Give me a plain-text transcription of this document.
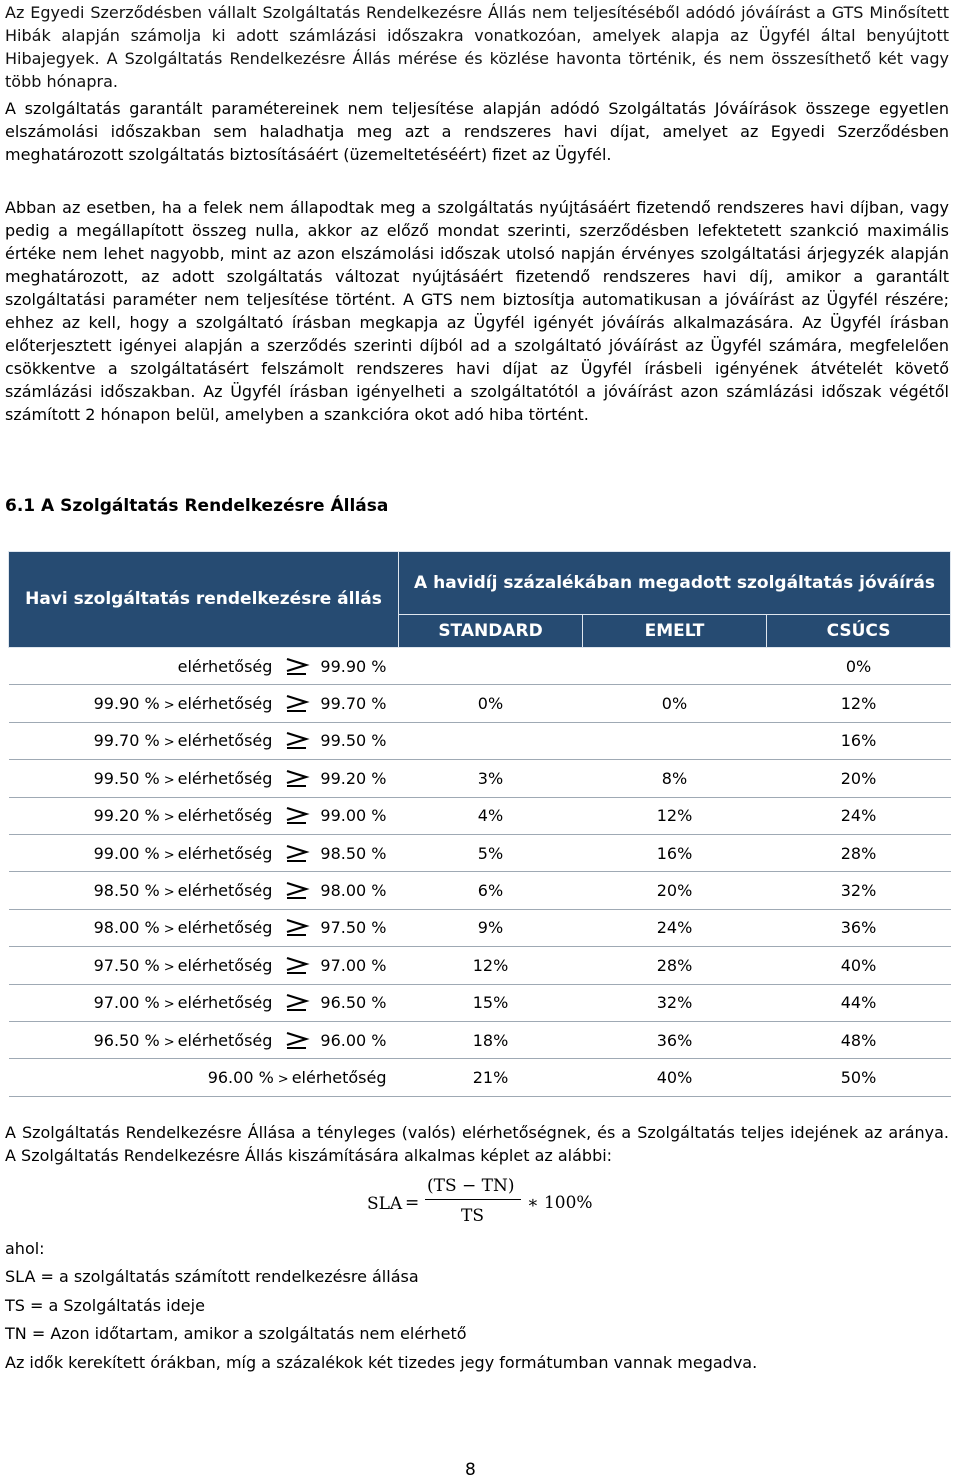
Az Egyedi Szerződésben vállalt Szolgáltatás Rendelkezésre Állás nem teljesítéséből adódó jóváírást a GTS Minősített Hibák alapján számolja ki adott számlázási időszakra vonatkozóan, amelyek alapja az Ügyfél által benyújtott Hibajegyek. A Szolgáltatás Rendelkezésre Állás mérése és közlése havonta történik, és nem összesíthető két vagy több hónapra.

A szolgáltatás garantált paramétereinek nem teljesítése alapján adódó Szolgáltatás Jóváírások összege egyetlen elszámolási időszakban sem haladhatja meg azt a rendszeres havi díjat, amelyet az Egyedi Szerződésben meghatározott szolgáltatás biztosításáért (üzemeltetéséért) fizet az Ügyfél.

Abban az esetben, ha a felek nem állapodtak meg a szolgáltatás nyújtásáért fizetendő rendszeres havi díjban, vagy pedig a megállapított összeg nulla, akkor az előző mondat szerinti, szerződésben lefektetett szankció maximális értéke nem lehet nagyobb, mint az azon elszámolási időszak utolsó napján érvényes szolgáltatási árjegyzék alapján meghatározott, az adott szolgáltatás változat nyújtásáért fizetendő rendszeres havi díj, amikor a garantált szolgáltatási paraméter nem teljesítése történt. A GTS nem biztosítja automatikusan a jóváírást az Ügyfél részére; ehhez az kell, hogy a szolgáltató írásban megkapja az Ügyfél igényét jóváírás alkalmazására. Az Ügyfél írásban előterjesztett igényei alapján a szerződés szerinti díjból ad a szolgáltató jóváírást az Ügyfél számára, megfelelően csökkentve a szolgáltatásért felszámolt rendszeres havi díjat az Ügyfél írásbeli igényének átvételét követő számlázási időszakban. Az Ügyfél írásban igényelheti a szolgáltatótól a jóváírást azon számlázási időszak végétől számított 2 hónapon belül, amelyben a szankcióra okot adó hiba történt.

6.1 A Szolgáltatás Rendelkezésre Állása
Havi szolgáltatás rendelkezésre állás	A havidíj százalékában megadott szolgáltatás jóváírás		
	STANDARD	EMELT	CSÚCS
elérhetőség 99.90 %			0%
99.90 % > elérhetőség 99.70 %	0%	0%	12%
99.70 % > elérhetőség 99.50 %			16%
99.50 % > elérhetőség 99.20 %	3%	8%	20%
99.20 % > elérhetőség 99.00 %	4%	12%	24%
99.00 % > elérhetőség 98.50 %	5%	16%	28%
98.50 % > elérhetőség 98.00 %	6%	20%	32%
98.00 % > elérhetőség 97.50 %	9%	24%	36%
97.50 % > elérhetőség 97.00 %	12%	28%	40%
97.00 % > elérhetőség 96.50 %	15%	32%	44%
96.50 % > elérhetőség 96.00 %	18%	36%	48%
96.00 % > elérhetőség	21%	40%	50%

A Szolgáltatás Rendelkezésre Állása a tényleges (valós) elérhetőségnek, és a Szolgáltatás teljes idejének az aránya. A Szolgáltatás Rendelkezésre Állás kiszámítására alkalmas képlet az alábbi:

SLA =
(TS − TN)
TS
∗ 100%
ahol:
SLA = a szolgáltatás számított rendelkezésre állása
TS = a Szolgáltatás ideje
TN = Azon időtartam, amikor a szolgáltatás nem elérhető
Az idők kerekített órákban, míg a százalékok két tizedes jegy formátumban vannak megadva.
8
